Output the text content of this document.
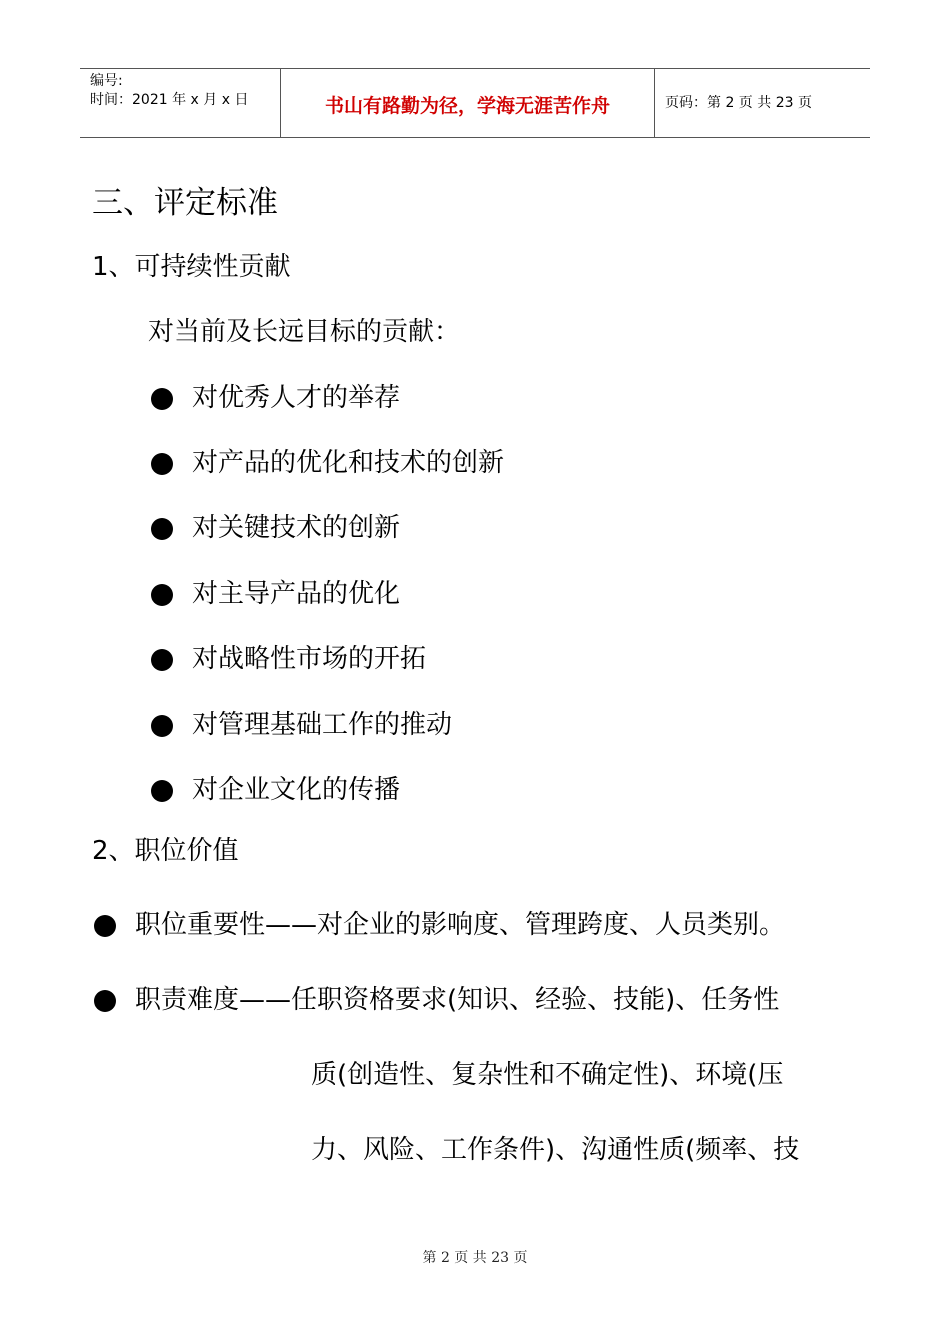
编号:
时间：2021 年 x 月 x 日	书山有路勤为径，学海无涯苦作舟	页码：第 2 页 共 23 页
三、评定标准
1、可持续性贡献
对当前及长远目标的贡献：
对优秀人才的举荐
对产品的优化和技术的创新
对关键技术的创新
对主导产品的优化
对战略性市场的开拓
对管理基础工作的推动
对企业文化的传播
2、职位价值
职位重要性——对企业的影响度、管理跨度、人员类别。
职责难度——任职资格要求(知识、经验、技能)、任务性
质(创造性、复杂性和不确定性)、环境(压
力、风险、工作条件)、沟通性质(频率、技
第 2 页 共 23 页
